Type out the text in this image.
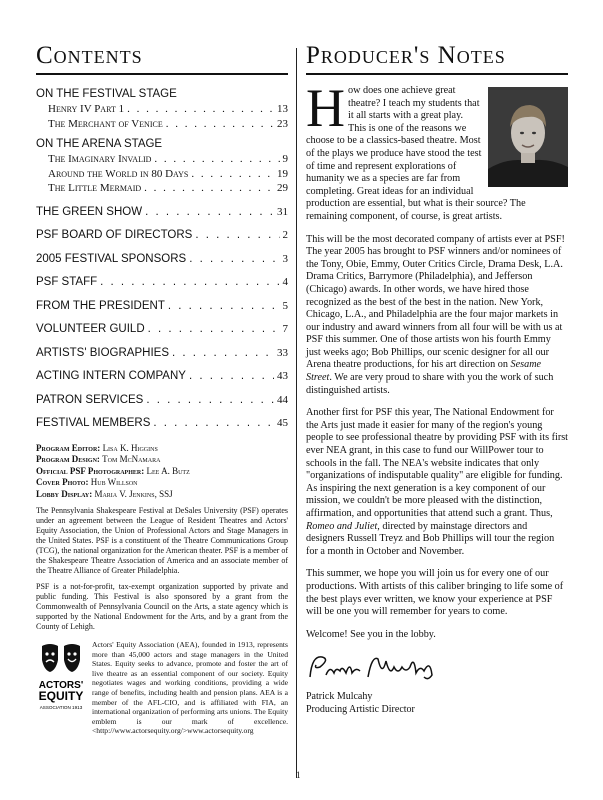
Contents
ON THE FESTIVAL STAGE
Henry IV Part 1 . . .	13
The Merchant of Venice . . .	23
ON THE ARENA STAGE
The Imaginary Invalid . . .	9
Around the World in 80 Days . . .	19
The Little Mermaid . . .	29
THE GREEN SHOW . . .	31
PSF BOARD OF DIRECTORS . . .	2
2005 FESTIVAL SPONSORS . . .	3
PSF STAFF . . .	4
FROM THE PRESIDENT . . .	5
VOLUNTEER GUILD . . .	7
ARTISTS' BIOGRAPHIES . . .	33
ACTING INTERN COMPANY . . .	43
PATRON SERVICES . . .	44
FESTIVAL MEMBERS . . .	45
Program Editor: Lisa K. Higgins
Program Design: Tom McNamara
Official PSF Photographer: Lee A. Butz
Cover Photo: Hub Willson
Lobby Display: Maria V. Jenkins, SSJ
The Pennsylvania Shakespeare Festival at DeSales University (PSF) operates under an agreement between the League of Resident Theatres and Actors' Equity Association, the Union of Professional Actors and Stage Managers in the United States. PSF is a constituent of the Theatre Communications Group (TCG), the national organization for the American theater. PSF is a member of the Shakespeare Theatre Association of America and an associate member of the Theatre Alliance of Greater Philadelphia.
PSF is a not-for-profit, tax-exempt organization supported by private and public funding. This Festival is also sponsored by a grant from the Commonwealth of Pennsylvania Council on the Arts, a state agency which is supported by the National Endowment for the Arts, and by a grant from the County of Lehigh.
ACTORS'
EQUITY
ASSOCIATION 1913
Actors' Equity Association (AEA), founded in 1913, represents more than 45,000 actors and stage managers in the United States. Equity seeks to advance, promote and foster the art of live theatre as an essential component of our society. Equity negotiates wages and working conditions, providing a wide range of benefits, including health and pension plans. AEA is a member of the AFL-CIO, and is affiliated with FIA, an international organization of performing arts unions. The Equity emblem is our mark of excellence. <http://www.actorsequity.org/>www.actorsequity.org
Producer's Notes
How does one achieve great theatre? I teach my students that it all starts with a great play. This is one of the reasons we choose to be a classics-based theatre. Most of the plays we produce have stood the test of time and represent explorations of humanity we as a species are far from completing. Great ideas for an individual production are essential, but what is their source? The remaining component, of course, is great artists.
This will be the most decorated company of artists ever at PSF! The year 2005 has brought to PSF winners and/or nominees of the Tony, Obie, Emmy, Outer Critics Circle, Drama Desk, L.A. Drama Critics, Barrymore (Philadelphia), and Jefferson (Chicago) awards. In other words, we have hired those recognized as the best of the best in the nation. New York, Chicago, L.A., and Philadelphia are the four major markets in our industry and award winners from all four will be with us at PSF this summer. One of those artists won his fourth Emmy just weeks ago; Bob Phillips, our scenic designer for all our Arena theatre productions, for his art direction on Sesame Street. We are very proud to share with you the work of such distinguished artists.
Another first for PSF this year, The National Endowment for the Arts just made it easier for many of the region's young people to see professional theatre by providing PSF with its first ever NEA grant, in this case to fund our WillPower tour to schools in the fall. The NEA's website indicates that only "organizations of indisputable quality" are eligible for funding. As inspiring the next generation is a key component of our mission, we couldn't be more pleased with the distinction, affirmation, and opportunities that attend such a grant. Thus, Romeo and Juliet, directed by mainstage directors and designers Russell Treyz and Bob Phillips will tour the region for a month in October and November.
This summer, we hope you will join us for every one of our productions. With artists of this caliber bringing to life some of the best plays ever written, we know your experience at PSF will be one you will remember for years to come.
Welcome! See you in the lobby.
Patrick Mulcahy
Producing Artistic Director
1
